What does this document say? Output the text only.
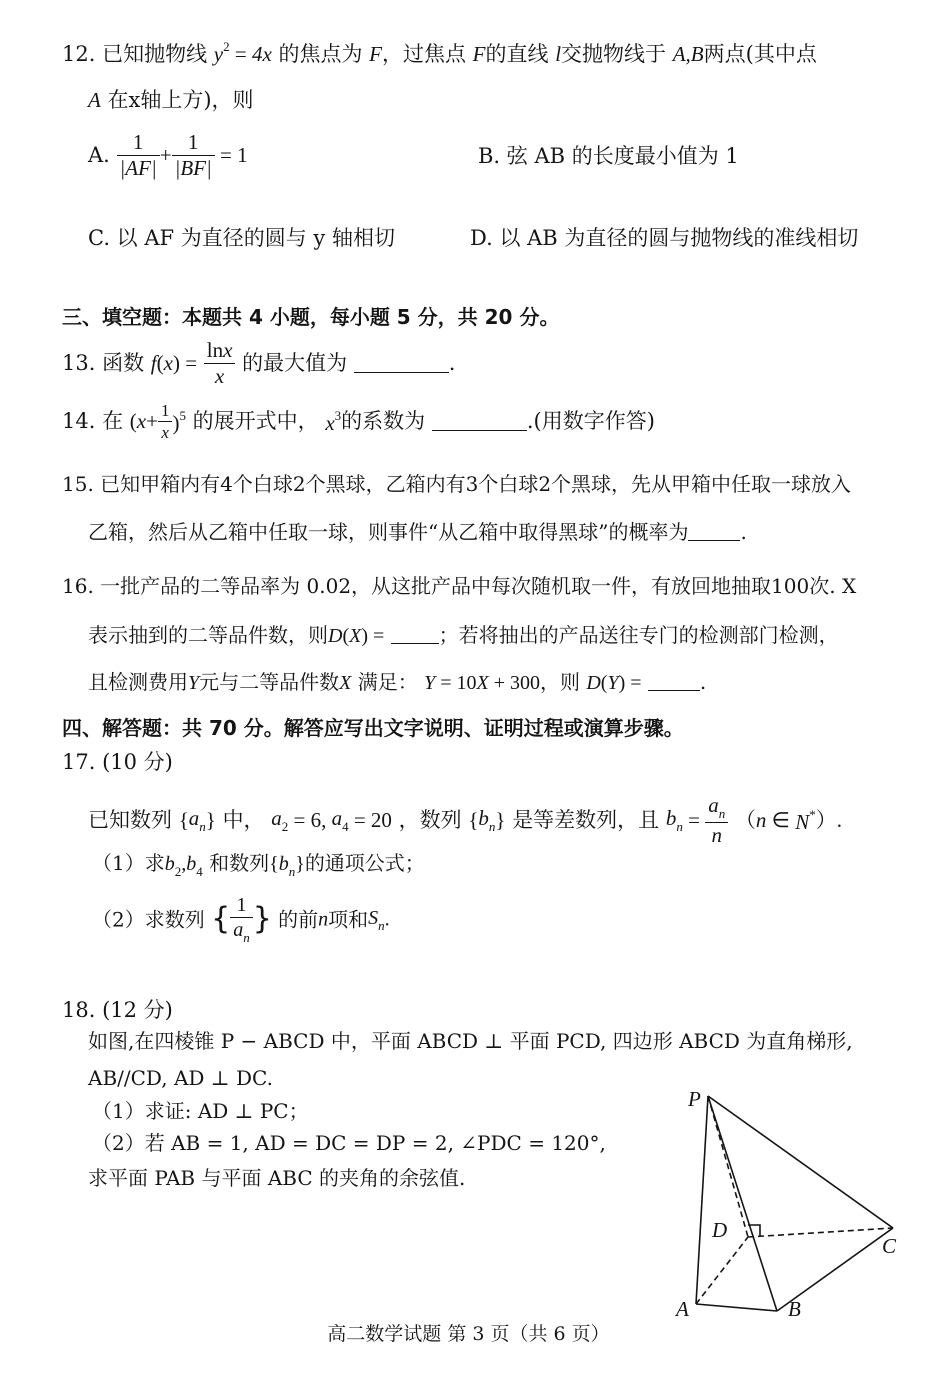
12. 已知抛物线 $y^2 = 4x$ 的焦点为 F，过焦点 F的直线 l交抛物线于 A,B两点(其中点
A 在x轴上方)，则
A. $\frac{1}{|AF|} + \frac{1}{|BF|} = 1$	B. 弦 AB 的长度最小值为 1
C. 以 AF 为直径的圆与 y 轴相切	D. 以 AB 为直径的圆与抛物线的准线相切
三、填空题：本题共 4 小题，每小题 5 分，共 20 分。
13. 函数 $f(x) = \frac{\ln x}{x}$ 的最大值为	.
14. 在 $(x+ \frac{1}{x} )^5$ 的展开式中， $x^3$的系数为	.(用数字作答)
15. 已知甲箱内有4个白球2个黑球，乙箱内有3个白球2个黑球，先从甲箱中任取一球放入
乙箱，然后从乙箱中任取一球，则事件“从乙箱中取得黑球”的概率为	.
16. 一批产品的二等品率为 0.02，从这批产品中每次随机取一件，有放回地抽取100次. X
表示抽到的二等品件数，则D(X) =	；若将抽出的产品送往专门的检测部门检测，
且检测费用Y元与二等品件数X 满足： Y = 10X + 300，则 D(Y) =	.
四、解答题：共 70 分。解答应写出文字说明、证明过程或演算步骤。
17. (10 分)
已知数列 $\{a_n\}$ 中， $a_2 = 6$, $a_4 = 20$ ，数列 $\{b_n\}$ 是等差数列，且 $b_n = \frac{a_n}{n} (n$ ∈ N*）.
（1）求$b_2,b_4$ 和数列$\{b_n\}$的通项公式；
（2）求数列 { $\frac{1}{a_n}$ } 的前n项和$S_n$.
18. (12 分)
如图,在四棱锥 P − ABCD 中，平面 ABCD ⊥ 平面 PCD, 四边形 ABCD 为直角梯形,
AB//CD, AD ⊥ DC.
（1）求证: AD ⊥ PC；
（2）若 AB = 1, AD = DC = DP = 2, ∠PDC = 120°,
求平面 PAB 与平面 ABC 的夹角的余弦值.
P
D
C
A	B
高二数学试题 第 3 页（共 6 页）
